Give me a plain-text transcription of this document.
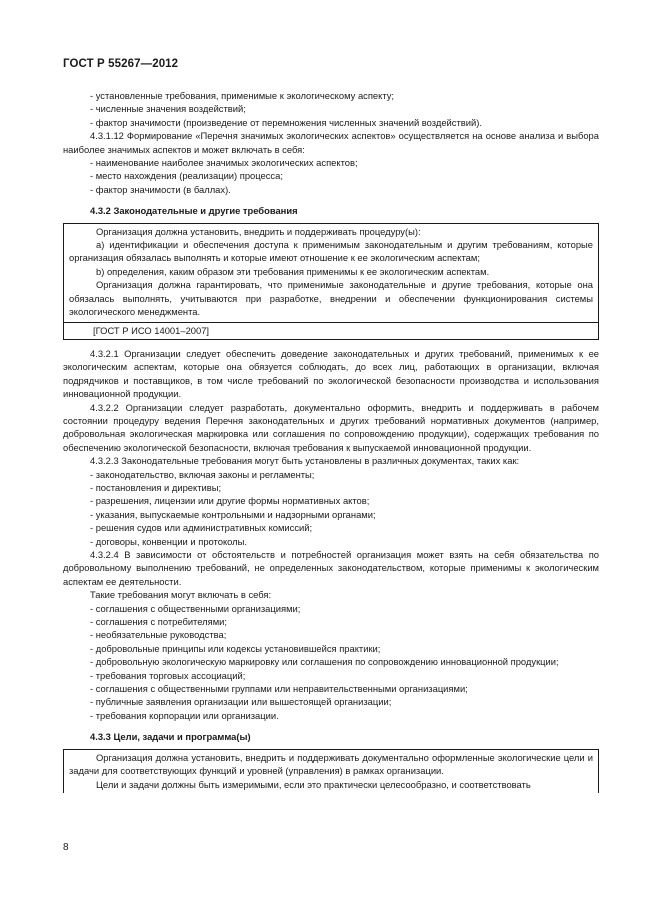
ГОСТ Р 55267—2012

- установленные требования, применимые к экологическому аспекту;

- численные значения воздействий;

- фактор значимости (произведение от перемножения численных значений воздействий).

4.3.1.12 Формирование «Перечня значимых экологических аспектов» осуществляется на основе анализа и выбора наиболее значимых аспектов и может включать в себя:

- наименование наиболее значимых экологических аспектов;

- место нахождения (реализации) процесса;

- фактор значимости (в баллах).

4.3.2 Законодательные и другие требования

Организация должна установить, внедрить и поддерживать процедуру(ы):

a) идентификации и обеспечения доступа к применимым законодательным и другим требованиям, которые организация обязалась выполнять и которые имеют отношение к ее экологическим аспектам;

b) определения, каким образом эти требования применимы к ее экологическим аспектам.

Организация должна гарантировать, что применимые законодательные и другие требования, которые она обязалась выполнять, учитываются при разработке, внедрении и обеспечении функционирования системы экологического менеджмента.

[ГОСТ Р ИСО 14001–2007]

4.3.2.1 Организации следует обеспечить доведение законодательных и других требований, применимых к ее экологическим аспектам, которые она обязуется соблюдать, до всех лиц, работающих в организации, включая подрядчиков и поставщиков, в том числе требований по экологической безопасности производства и использования инновационной продукции.

4.3.2.2 Организации следует разработать, документально оформить, внедрить и поддерживать в рабочем состоянии процедуру ведения Перечня законодательных и других требований нормативных документов (например, добровольная экологическая маркировка или соглашения по сопровождению продукции), содержащих требования по обеспечению экологической безопасности, включая требования к выпускаемой инновационной продукции.

4.3.2.3 Законодательные требования могут быть установлены в различных документах, таких как:

- законодательство, включая законы и регламенты;

- постановления и директивы;

- разрешения, лицензии или другие формы нормативных актов;

- указания, выпускаемые контрольными и надзорными органами;

- решения судов или административных комиссий;

- договоры, конвенции и протоколы.

4.3.2.4 В зависимости от обстоятельств и потребностей организация может взять на себя обязательства по добровольному выполнению требований, не определенных законодательством, которые применимы к экологическим аспектам ее деятельности.

Такие требования могут включать в себя:

- соглашения с общественными организациями;

- соглашения с потребителями;

- необязательные руководства;

- добровольные принципы или кодексы установившейся практики;

- добровольную экологическую маркировку или соглашения по сопровождению инновационной продукции;

- требования торговых ассоциаций;

- соглашения с общественными группами или неправительственными организациями;

- публичные заявления организации или вышестоящей организации;

- требования корпорации или организации.

4.3.3 Цели, задачи и программа(ы)

Организация должна установить, внедрить и поддерживать документально оформленные экологические цели и задачи для соответствующих функций и уровней (управления) в рамках организации.

Цели и задачи должны быть измеримыми, если это практически целесообразно, и соответствовать

8
